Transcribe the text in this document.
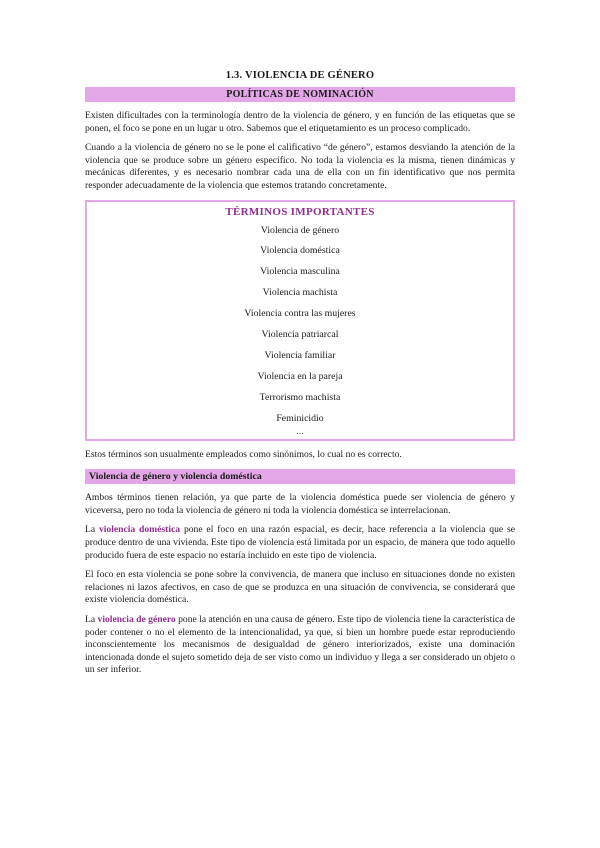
1.3. VIOLENCIA DE GÉNERO
POLÍTICAS DE NOMINACIÓN

Existen dificultades con la terminología dentro de la violencia de género, y en función de las etiquetas que se ponen, el foco se pone en un lugar u otro. Sabemos que el etiquetamiento es un proceso complicado.

Cuando a la violencia de género no se le pone el calificativo “de género”, estamos desviando la atención de la violencia que se produce sobre un género específico. No toda la violencia es la misma, tienen dinámicas y mecánicas diferentes, y es necesario nombrar cada una de ella con un fin identificativo que nos permita responder adecuadamente de la violencia que estemos tratando concretamente.

TÉRMINOS IMPORTANTES
Violencia de género
Violencia doméstica
Violencia masculina
Violencia machista
Violencia contra las mujeres
Violencia patriarcal
Violencia familiar
Violencia en la pareja
Terrorismo machista
Feminicidio
...

Estos términos son usualmente empleados como sinónimos, lo cual no es correcto.

Violencia de género y violencia doméstica

Ambos términos tienen relación, ya que parte de la violencia doméstica puede ser violencia de género y viceversa, pero no toda la violencia de género ni toda la violencia doméstica se interrelacionan.

La violencia doméstica pone el foco en una razón espacial, es decir, hace referencia a la violencia que se produce dentro de una vivienda. Este tipo de violencia está limitada por un espacio, de manera que todo aquello producido fuera de este espacio no estaría incluido en este tipo de violencia.

El foco en esta violencia se pone sobre la convivencia, de manera que incluso en situaciones donde no existen relaciones ni lazos afectivos, en caso de que se produzca en una situación de convivencia, se considerará que existe violencia doméstica.

La violencia de género pone la atención en una causa de género. Este tipo de violencia tiene la característica de poder contener o no el elemento de la intencionalidad, ya que, si bien un hombre puede estar reproduciendo inconscientemente los mecanismos de desigualdad de género interiorizados, existe una dominación intencionada donde el sujeto sometido deja de ser visto como un individuo y llega a ser considerado un objeto o un ser inferior.
